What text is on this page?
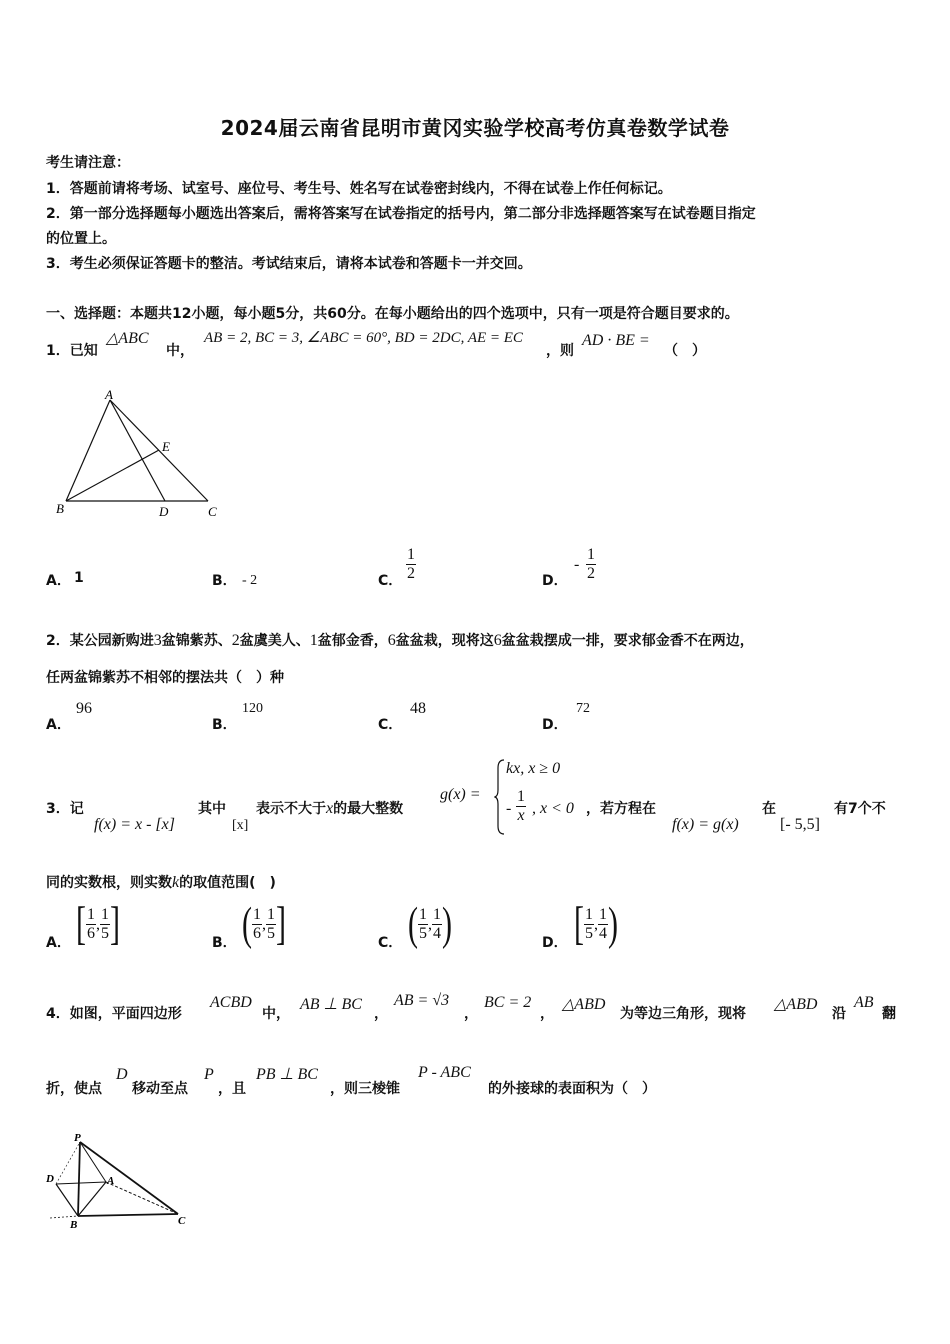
2024届云南省昆明市黄冈实验学校高考仿真卷数学试卷
考生请注意：
1．答题前请将考场、试室号、座位号、考生号、姓名写在试卷密封线内，不得在试卷上作任何标记。
2．第一部分选择题每小题选出答案后，需将答案写在试卷指定的括号内，第二部分非选择题答案写在试卷题目指定
的位置上。
3．考生必须保证答题卡的整洁。考试结束后，请将本试卷和答题卡一并交回。
一、选择题：本题共12小题，每小题5分，共60分。在每小题给出的四个选项中，只有一项是符合题目要求的。
1．已知
△ABC
中，
AB = 2, BC = 3, ∠ABC = 60°, BD = 2DC, AE = EC
，则
AD · BE =
（　）
A
B	C
D
E
A． 1	B． - 2	C． $\frac{1}{2}$	D．
- $\frac{1}{2}$
2．某公园新购进3盆锦紫苏、2盆虞美人、1盆郁金香，6盆盆栽，现将这6盆盆栽摆成一排，要求郁金香不在两边，
任两盆锦紫苏不相邻的摆法共（　）种
A．
96
B．
120
C．
48
D．
72
3．记
f(x) = x - [x]
其中
[x]
表示不大于x的最大整数
g(x) =
kx, x ≥ 0
- $\frac{1}{x}$ , x < 0 ，若方程在
f(x) = g(x)
在
[- 5,5]
有7个不
同的实数根，则实数k的取值范围(　)
A． [ $\frac{1}{6}$ , $\frac{1}{5}$ ]	B． ( $\frac{1}{6}$ , $\frac{1}{5}$ ]	C． ( $\frac{1}{5}$ , $\frac{1}{4}$ )	D． [ $\frac{1}{5}$ , $\frac{1}{4}$ )
4．如图，平面四边形
ACBD
中，
AB ⊥ BC
，
AB = √3
，
BC = 2
，
△ABD
为等边三角形，现将
△ABD
沿
AB
翻
折，使点
D
移动至点
P
，且
PB ⊥ BC
，则三棱锥
P - ABC
的外接球的表面积为（　）
P
D	A
B	C
